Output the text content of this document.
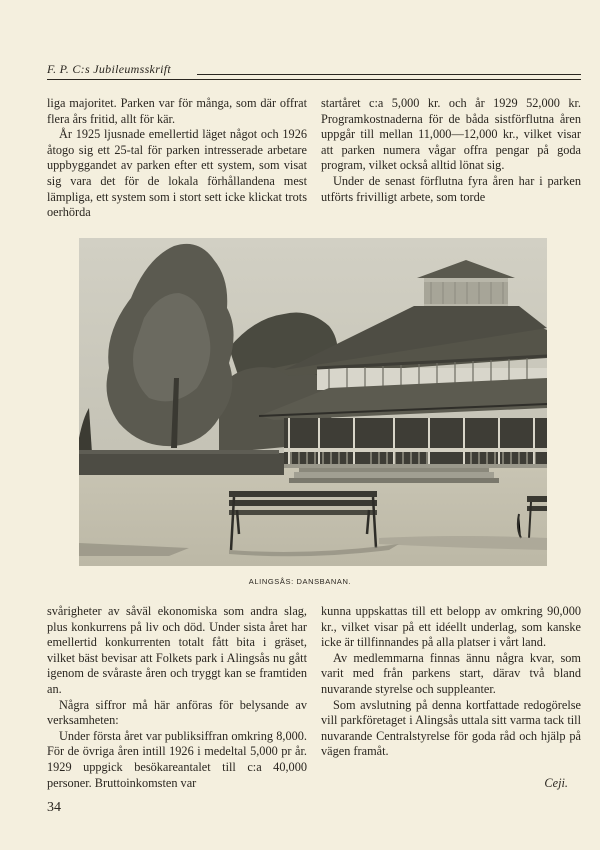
F. P. C:s Jubileumsskrift

liga majoritet. Parken var för många, som där offrat flera års fritid, allt för kär.

År 1925 ljusnade emellertid läget något och 1926 åtogo sig ett 25-tal för parken intresserade arbetare uppbyggandet av parken efter ett system, som visat sig vara det för de lokala förhållandena mest lämpliga, ett system som i stort sett icke klickat trots oerhörda

startåret c:a 5,000 kr. och år 1929 52,000 kr. Programkostnaderna för de båda sistförflutna åren uppgår till mellan 11,000—12,000 kr., vilket visar att parken numera vågar offra pengar på goda program, vilket också alltid lönat sig.

Under de senast förflutna fyra åren har i parken utförts frivilligt arbete, som torde

ALINGSÅS: DANSBANAN.

svårigheter av såväl ekonomiska som andra slag, plus konkurrens på liv och död. Under sista året har emellertid konkurrenten totalt fått bita i gräset, vilket bäst bevisar att Folkets park i Alingsås nu gått igenom de svåraste åren och tryggt kan se framtiden an.

Några siffror må här anföras för belysande av verksamheten:

Under första året var publiksiffran omkring 8,000. För de övriga åren intill 1926 i medeltal 5,000 pr år. 1929 uppgick besökareantalet till c:a 40,000 personer. Bruttoinkomsten var

kunna uppskattas till ett belopp av omkring 90,000 kr., vilket visar på ett idéellt underlag, som kanske icke är tillfinnandes på alla platser i vårt land.

Av medlemmarna finnas ännu några kvar, som varit med från parkens start, därav två bland nuvarande styrelse och suppleanter.

Som avslutning på denna kortfattade redogörelse vill parkföretaget i Alingsås uttala sitt varma tack till nuvarande Centralstyrelse för goda råd och hjälp på vägen framåt.

Ceji.
34
